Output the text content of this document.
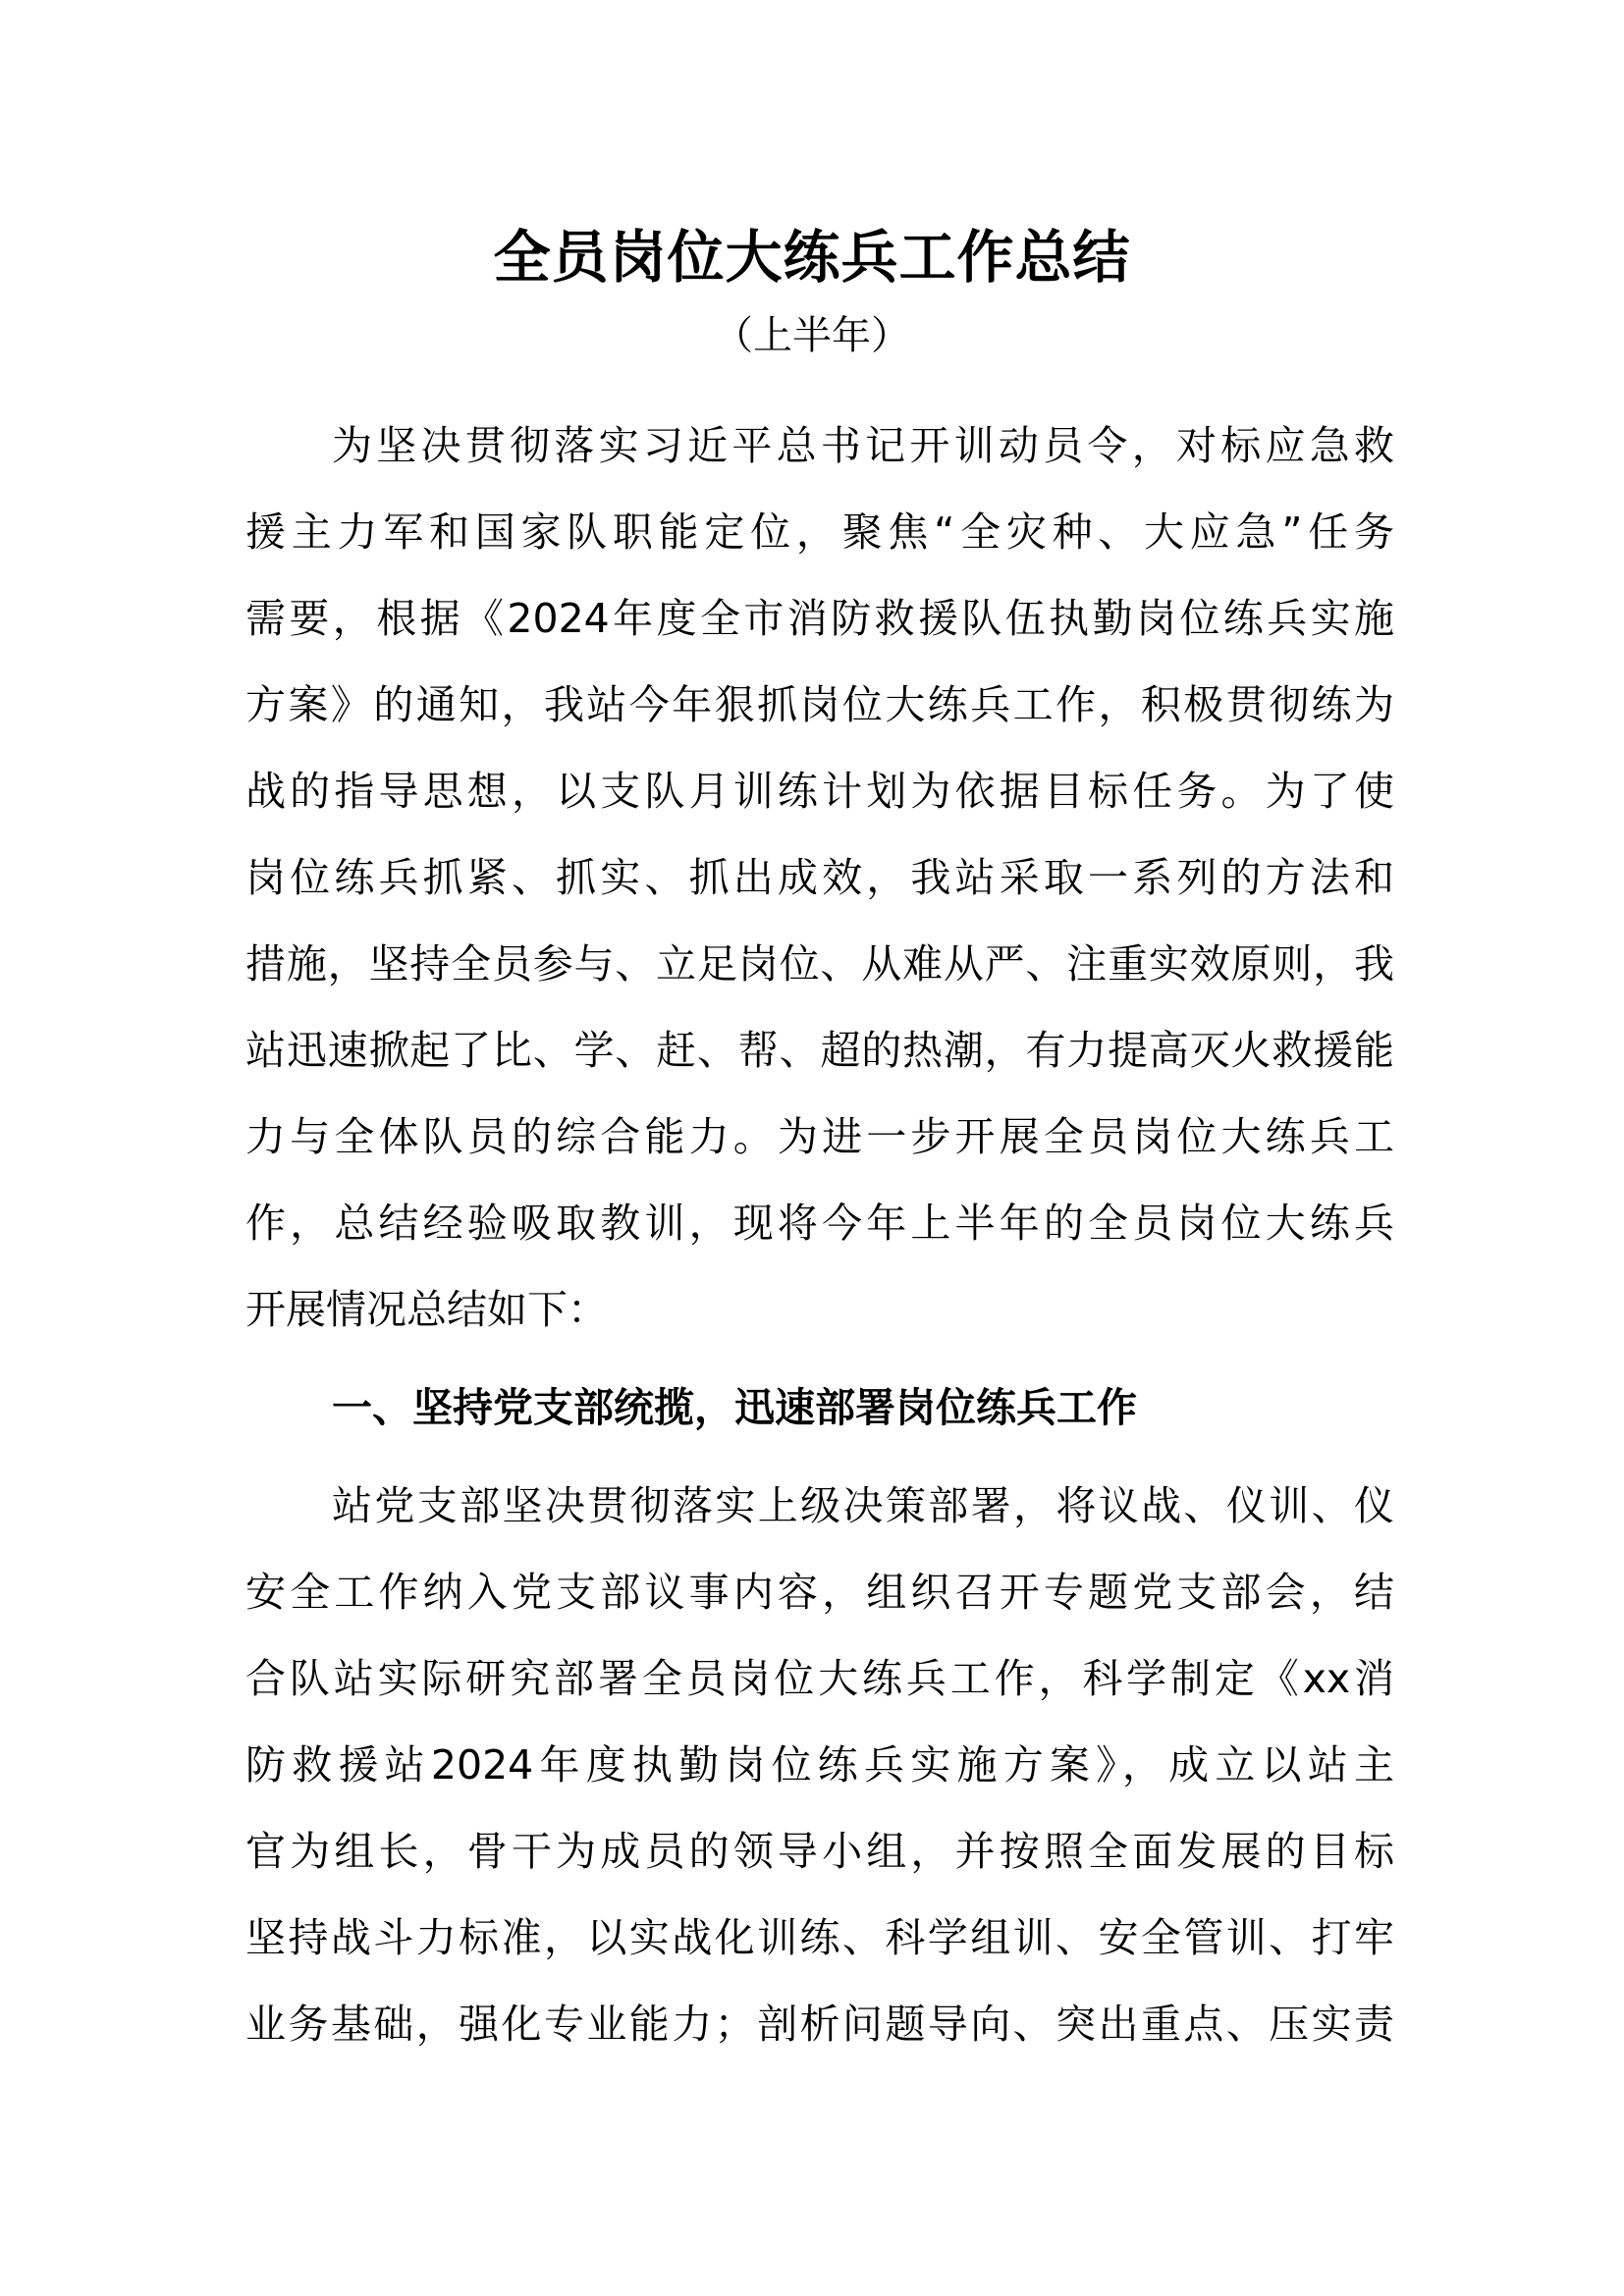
全员岗位大练兵工作总结

（上半年）

为坚决贯彻落实习近平总书记开训动员令，对标应急救

援主力军和国家队职能定位，聚焦“全灾种、大应急”任务

需要，根据《2024年度全市消防救援队伍执勤岗位练兵实施

方案》的通知，我站今年狠抓岗位大练兵工作，积极贯彻练为

战的指导思想，以支队月训练计划为依据目标任务。为了使

岗位练兵抓紧、抓实、抓出成效，我站采取一系列的方法和

措施，坚持全员参与、立足岗位、从难从严、注重实效原则，我

站迅速掀起了比、学、赶、帮、超的热潮，有力提高灭火救援能

力与全体队员的综合能力。为进一步开展全员岗位大练兵工

作，总结经验吸取教训，现将今年上半年的全员岗位大练兵

开展情况总结如下：

一、坚持党支部统揽，迅速部署岗位练兵工作

站党支部坚决贯彻落实上级决策部署，将议战、仪训、仪

安全工作纳入党支部议事内容，组织召开专题党支部会，结

合队站实际研究部署全员岗位大练兵工作，科学制定《xx消

防救援站2024年度执勤岗位练兵实施方案》，成立以站主

官为组长，骨干为成员的领导小组，并按照全面发展的目标

坚持战斗力标准，以实战化训练、科学组训、安全管训、打牢

业务基础，强化专业能力；剖析问题导向、突出重点、压实责
